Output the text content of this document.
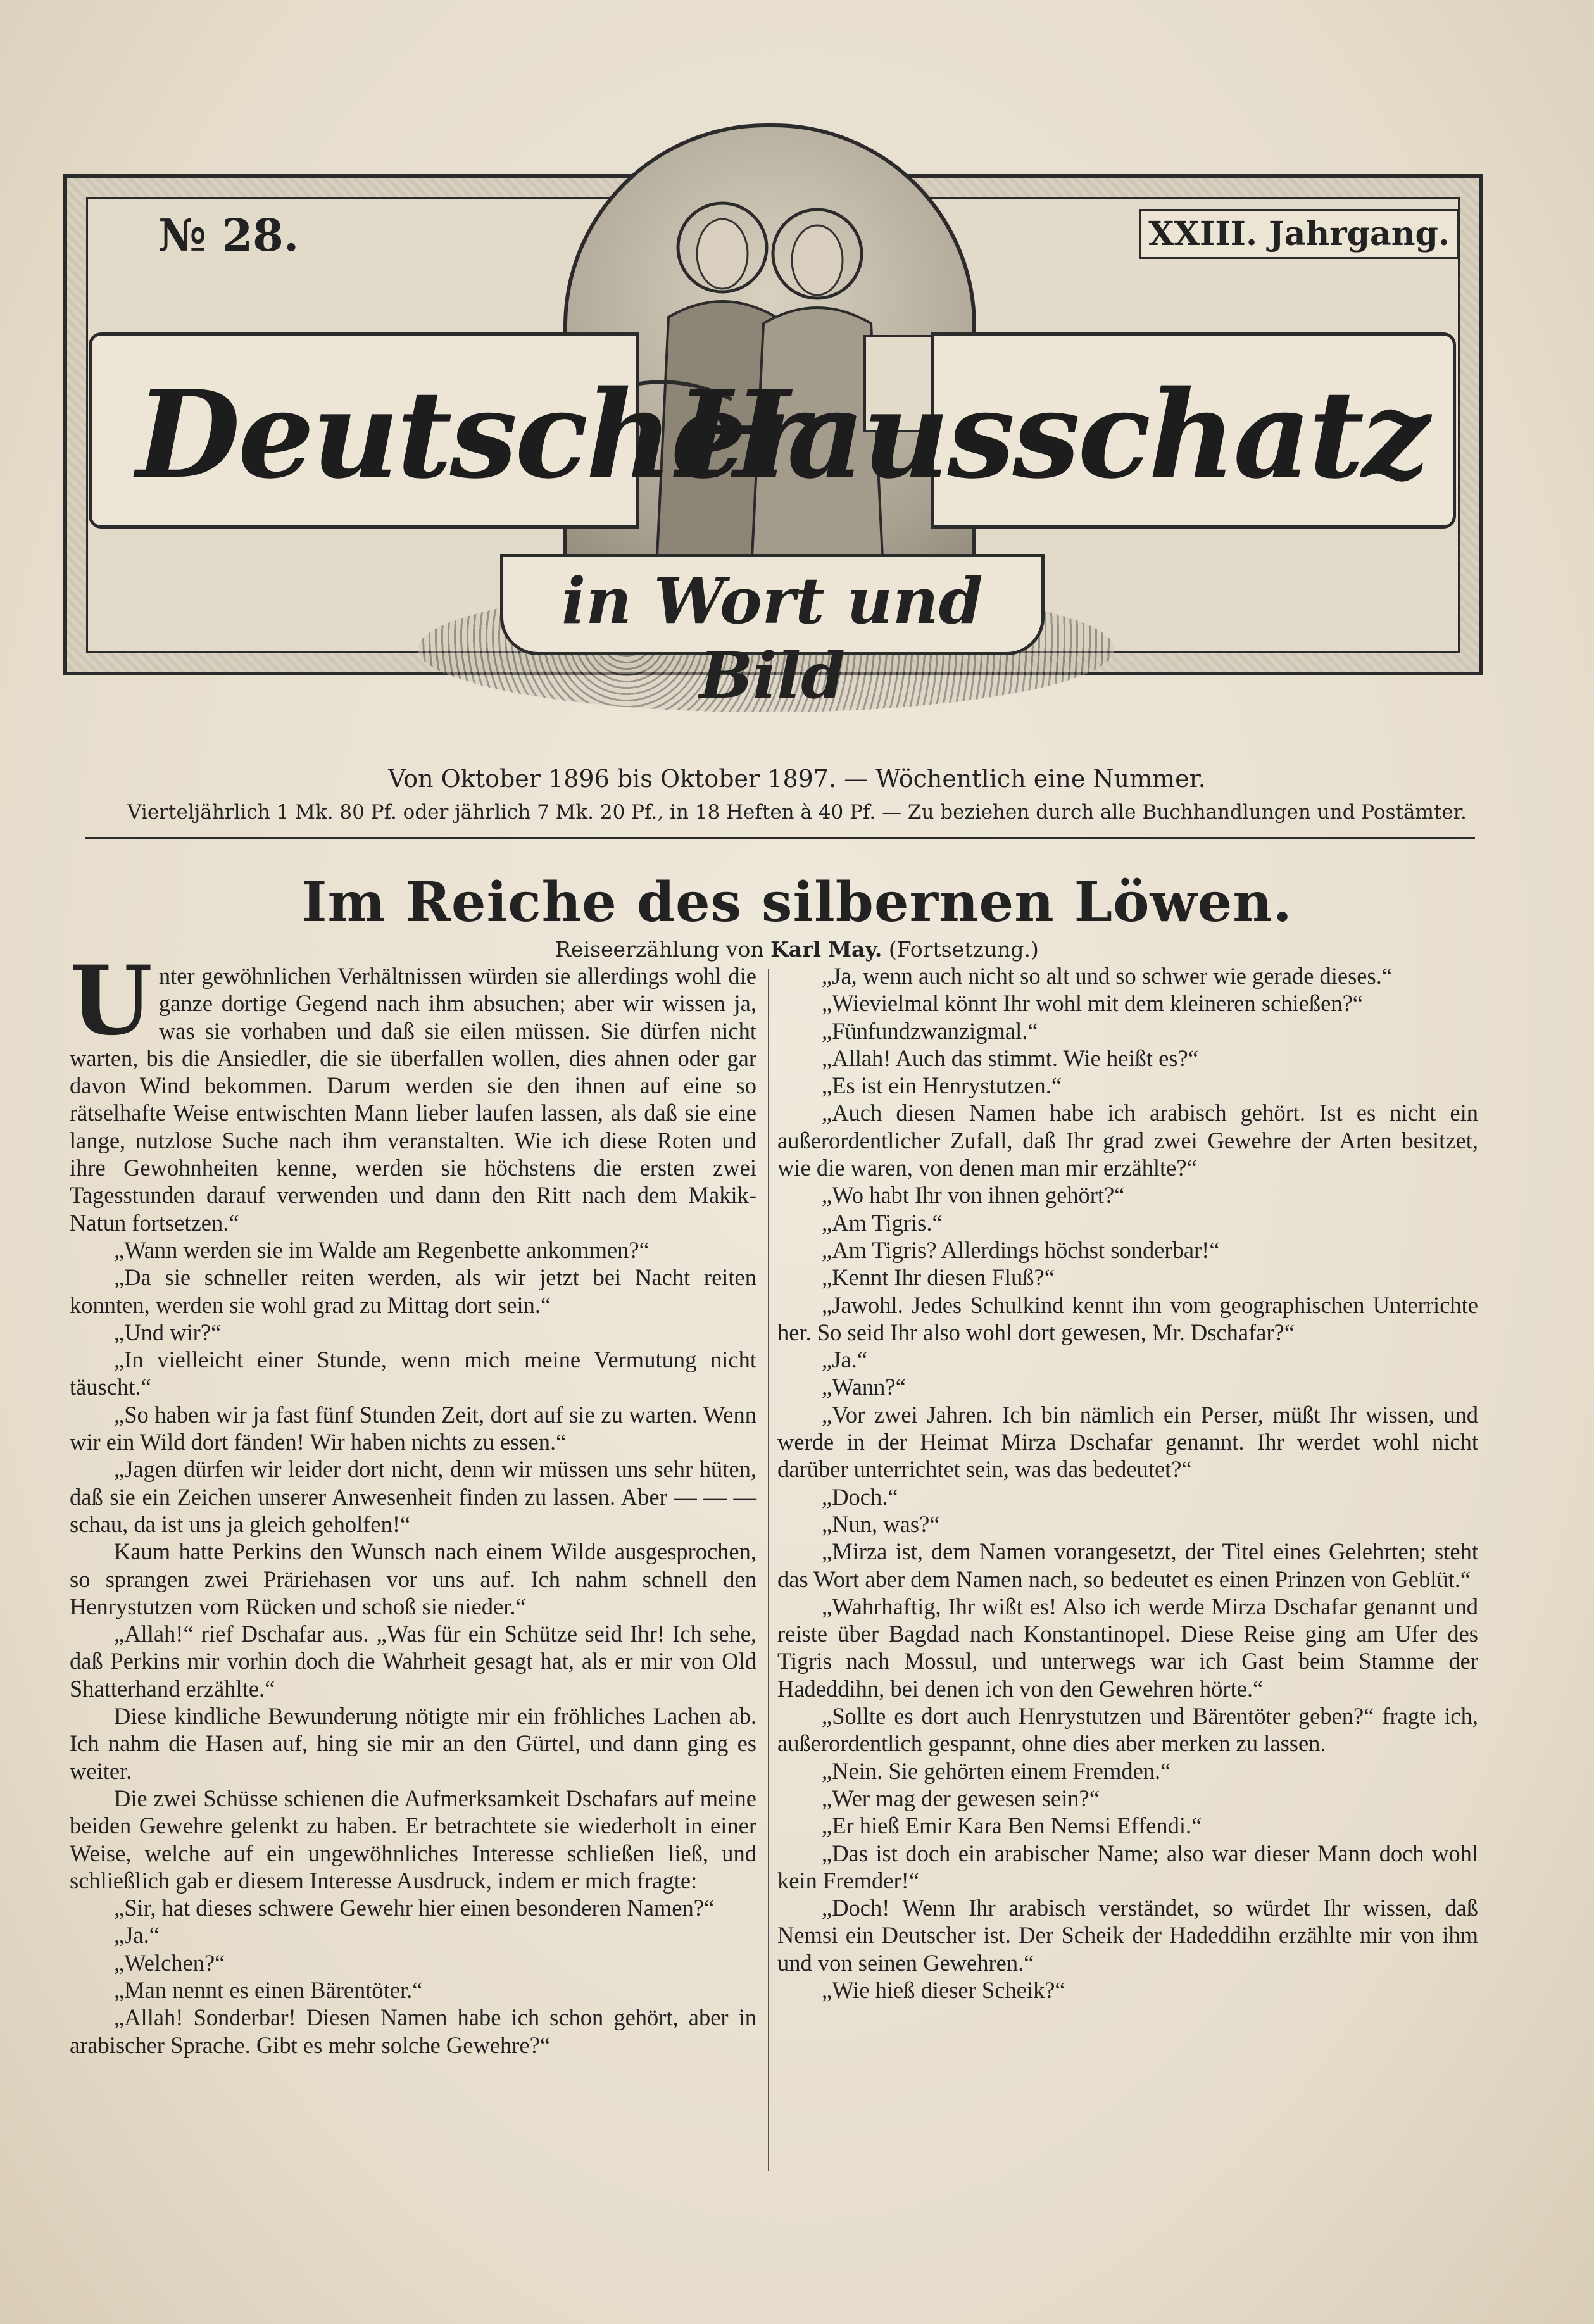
№ 28.	XXIII. Jahrgang.
Deutscher
Hausschatz
in Wort und Bild
Von Oktober 1896 bis Oktober 1897. — Wöchentlich eine Nummer.
Vierteljährlich 1 Mk. 80 Pf. oder jährlich 7 Mk. 20 Pf., in 18 Heften à 40 Pf. — Zu beziehen durch alle Buchhandlungen und Postämter.
Im Reiche des silbernen Löwen.
Reiseerzählung von Karl May. (Fortsetzung.)

Unter gewöhnlichen Verhältnissen würden sie allerdings wohl die ganze dortige Gegend nach ihm absuchen; aber wir wissen ja, was sie vorhaben und daß sie eilen müssen. Sie dürfen nicht warten, bis die Ansiedler, die sie überfallen wollen, dies ahnen oder gar davon Wind bekommen. Darum werden sie den ihnen auf eine so rätselhafte Weise entwischten Mann lieber laufen lassen, als daß sie eine lange, nutzlose Suche nach ihm veranstalten. Wie ich diese Roten und ihre Gewohnheiten kenne, werden sie höchstens die ersten zwei Tagesstunden darauf verwenden und dann den Ritt nach dem Makik-Natun fortsetzen.“

„Wann werden sie im Walde am Regenbette ankommen?“

„Da sie schneller reiten werden, als wir jetzt bei Nacht reiten konnten, werden sie wohl grad zu Mittag dort sein.“

„Und wir?“

„In vielleicht einer Stunde, wenn mich meine Vermutung nicht täuscht.“

„So haben wir ja fast fünf Stunden Zeit, dort auf sie zu warten. Wenn wir ein Wild dort fänden! Wir haben nichts zu essen.“

„Jagen dürfen wir leider dort nicht, denn wir müssen uns sehr hüten, daß sie ein Zeichen unserer Anwesenheit finden zu lassen. Aber — — — schau, da ist uns ja gleich geholfen!“

Kaum hatte Perkins den Wunsch nach einem Wilde ausgesprochen, so sprangen zwei Präriehasen vor uns auf. Ich nahm schnell den Henrystutzen vom Rücken und schoß sie nieder.“

„Allah!“ rief Dschafar aus. „Was für ein Schütze seid Ihr! Ich sehe, daß Perkins mir vorhin doch die Wahrheit gesagt hat, als er mir von Old Shatterhand erzählte.“

Diese kindliche Bewunderung nötigte mir ein fröhliches Lachen ab. Ich nahm die Hasen auf, hing sie mir an den Gürtel, und dann ging es weiter.

Die zwei Schüsse schienen die Aufmerksamkeit Dschafars auf meine beiden Gewehre gelenkt zu haben. Er betrachtete sie wiederholt in einer Weise, welche auf ein ungewöhnliches Interesse schließen ließ, und schließlich gab er diesem Interesse Ausdruck, indem er mich fragte:

„Sir, hat dieses schwere Gewehr hier einen besonderen Namen?“

„Ja.“

„Welchen?“

„Man nennt es einen Bärentöter.“

„Allah! Sonderbar! Diesen Namen habe ich schon gehört, aber in arabischer Sprache. Gibt es mehr solche Gewehre?“

„Ja, wenn auch nicht so alt und so schwer wie gerade dieses.“

„Wievielmal könnt Ihr wohl mit dem kleineren schießen?“

„Fünfundzwanzigmal.“

„Allah! Auch das stimmt. Wie heißt es?“

„Es ist ein Henrystutzen.“

„Auch diesen Namen habe ich arabisch gehört. Ist es nicht ein außerordentlicher Zufall, daß Ihr grad zwei Gewehre der Arten besitzet, wie die waren, von denen man mir erzählte?“

„Wo habt Ihr von ihnen gehört?“

„Am Tigris.“

„Am Tigris? Allerdings höchst sonderbar!“

„Kennt Ihr diesen Fluß?“

„Jawohl. Jedes Schulkind kennt ihn vom geographischen Unterrichte her. So seid Ihr also wohl dort gewesen, Mr. Dschafar?“

„Ja.“

„Wann?“

„Vor zwei Jahren. Ich bin nämlich ein Perser, müßt Ihr wissen, und werde in der Heimat Mirza Dschafar genannt. Ihr werdet wohl nicht darüber unterrichtet sein, was das bedeutet?“

„Doch.“

„Nun, was?“

„Mirza ist, dem Namen vorangesetzt, der Titel eines Gelehrten; steht das Wort aber dem Namen nach, so bedeutet es einen Prinzen von Geblüt.“

„Wahrhaftig, Ihr wißt es! Also ich werde Mirza Dschafar genannt und reiste über Bagdad nach Konstantinopel. Diese Reise ging am Ufer des Tigris nach Mossul, und unterwegs war ich Gast beim Stamme der Hadeddihn, bei denen ich von den Gewehren hörte.“

„Sollte es dort auch Henrystutzen und Bärentöter geben?“ fragte ich, außerordentlich gespannt, ohne dies aber merken zu lassen.

„Nein. Sie gehörten einem Fremden.“

„Wer mag der gewesen sein?“

„Er hieß Emir Kara Ben Nemsi Effendi.“

„Das ist doch ein arabischer Name; also war dieser Mann doch wohl kein Fremder!“

„Doch! Wenn Ihr arabisch verständet, so würdet Ihr wissen, daß Nemsi ein Deutscher ist. Der Scheik der Hadeddihn erzählte mir von ihm und von seinen Gewehren.“

„Wie hieß dieser Scheik?“
